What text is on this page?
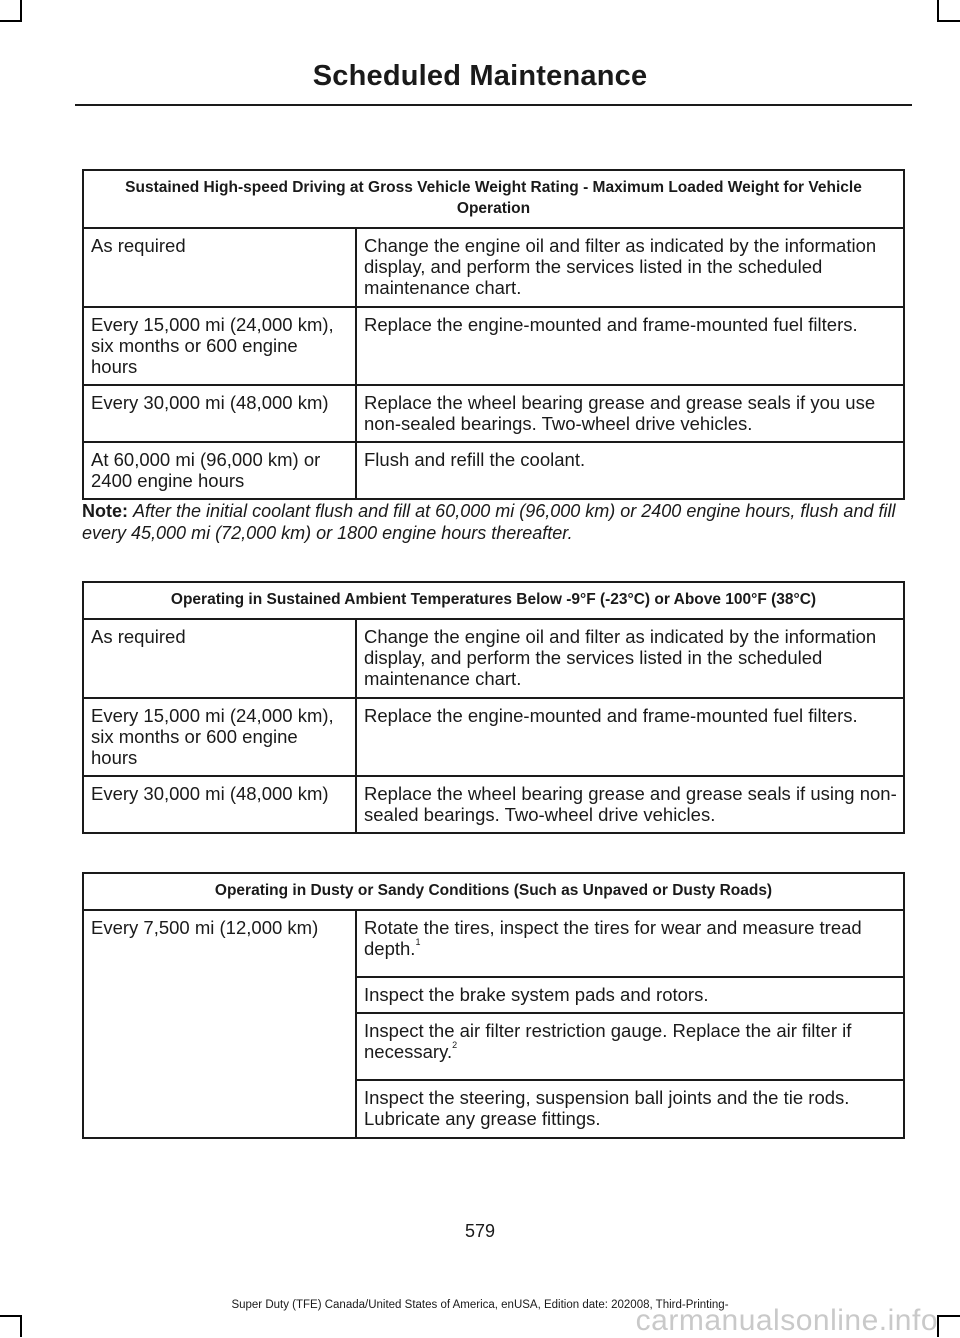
Scheduled Maintenance
Sustained High-speed Driving at Gross Vehicle Weight Rating - Maximum Loaded Weight for Vehicle Operation	
As required	Change the engine oil and filter as indicated by the information display, and perform the services listed in the scheduled maintenance chart.
Every 15,000 mi (24,000 km), six months or 600 engine hours	Replace the engine-mounted and frame-mounted fuel filters.
Every 30,000 mi (48,000 km)	Replace the wheel bearing grease and grease seals if you use non-sealed bearings. Two-wheel drive vehicles.
At 60,000 mi (96,000 km) or 2400 engine hours	Flush and refill the coolant.
Note: After the initial coolant flush and fill at 60,000 mi (96,000 km) or 2400 engine hours, flush and fill every 45,000 mi (72,000 km) or 1800 engine hours thereafter.
Operating in Sustained Ambient Temperatures Below -9°F (-23°C) or Above 100°F (38°C)	
As required	Change the engine oil and filter as indicated by the information display, and perform the services listed in the scheduled maintenance chart.
Every 15,000 mi (24,000 km), six months or 600 engine hours	Replace the engine-mounted and frame-mounted fuel filters.
Every 30,000 mi (48,000 km)	Replace the wheel bearing grease and grease seals if using non-sealed bearings. Two-wheel drive vehicles.
Operating in Dusty or Sandy Conditions (Such as Unpaved or Dusty Roads)
Every 7,500 mi (12,000 km)	Rotate the tires, inspect the tires for wear and measure tread depth.$^1$
Inspect the brake system pads and rotors.
Inspect the air filter restriction gauge. Replace the air filter if necessary.$^2$
Inspect the steering, suspension ball joints and the tie rods. Lubricate any grease fittings.
579
Super Duty (TFE) Canada/United States of America, enUSA, Edition date: 202008, Third-Printing-
carmanualsonline.info
